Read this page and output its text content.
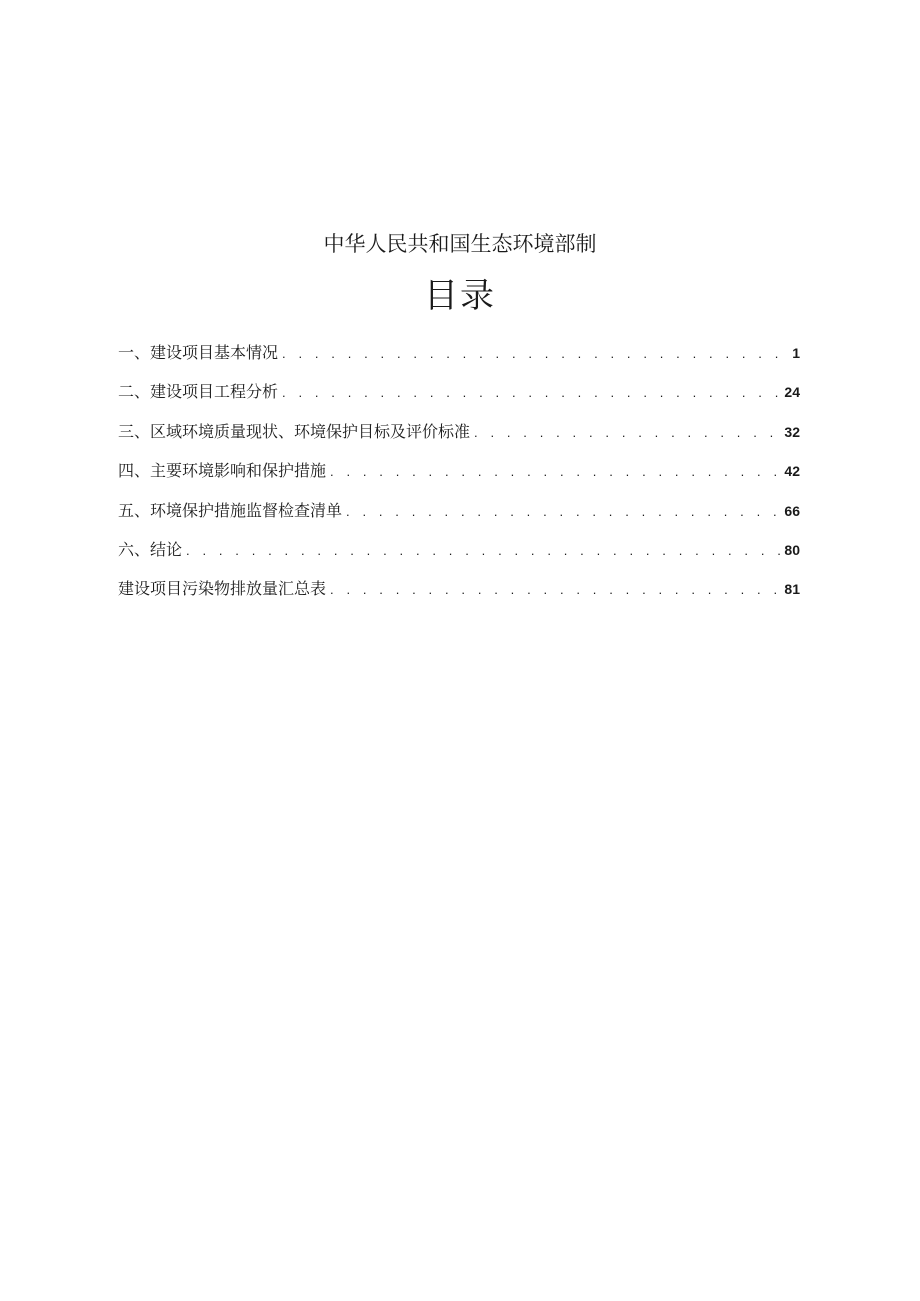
中华人民共和国生态环境部制
目录
一、建设项目基本情况 . . .	1
二、建设项目工程分析 . . .	24
三、区域环境质量现状、环境保护目标及评价标准 . . .	32
四、主要环境影响和保护措施 . . .	42
五、环境保护措施监督检查清单 . . .	66
六、结论 . . .	80
建设项目污染物排放量汇总表 . . .	81
